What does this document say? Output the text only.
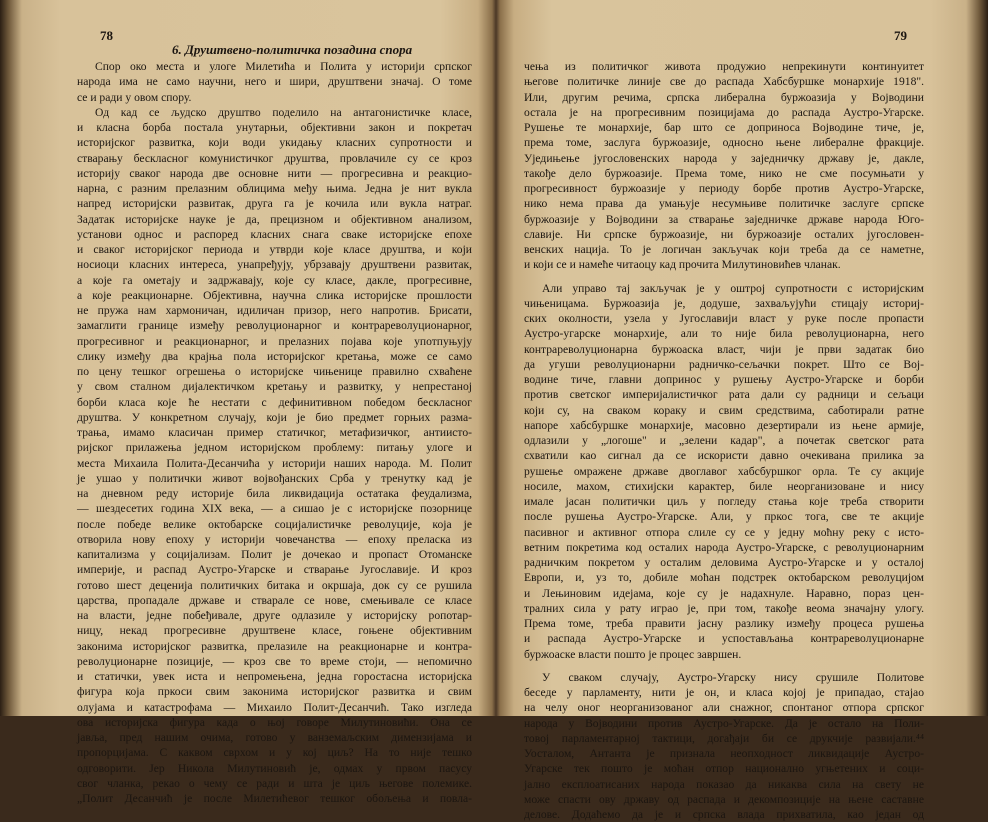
78
6. Друштвено-политичка позадина спора
Спор око места и улоге Милетића и Полита у историји српског
народа има не само научни, него и шири, друштвени значај. О томе
се и ради у овом спору.
Од кад се људско друштво поделило на антагонистичке класе,
и класна борба постала унутарњи, објективни закон и покретач
историјског развитка, који води укидању класних супротности и
стварању бескласног комунистичког друштва, провлачиле су се кроз
историју сваког народа две основне нити — прогресивна и реакцио-
нарна, с разним прелазним облицима међу њима. Једна је нит вукла
напред историјски развитак, друга га је кочила или вукла натраг.
Задатак историјске науке је да, прецизном и објективном анализом,
установи однос и распоред класних снага сваке историјске епохе
и сваког историјског периода и утврди које класе друштва, и који
носиоци класних интереса, унапређују, убрзавају друштвени развитак,
а које га ометају и задржавају, које су класе, дакле, прогресивне,
а које реакционарне. Објективна, научна слика историјске прошлости
не пружа нам хармоничан, идиличан призор, него напротив. Брисати,
замаглити границе између револуционарног и контрареволуционарног,
прогресивног и реакционарног, и прелазних појава које употпуњују
слику између два крајња пола историјског кретања, може се само
по цену тешког огрешења о историјске чињенице правилно схваћене
у свом сталном дијалектичком кретању и развитку, у непрестаној
борби класа које ће нестати с дефинитивном победом бескласног
друштва. У конкретном случају, који је био предмет горњих разма-
трања, имамо класичан пример статичког, метафизичког, антиисто-
ријског прилажења једном историјском проблему: питању улоге и
места Михаила Полита-Десанчића у историји наших народа. М. Полит
је ушао у политички живот војвођанских Срба у тренутку кад је
на дневном реду историје била ликвидација остатака феудализма,
— шездесетих година XIX века, — а сишао је с историјске позорнице
после победе велике октобарске социјалистичке револуције, која је
отворила нову епоху у историји човечанства — епоху преласка из
капитализма у социјализам. Полит је дочекао и пропаст Отоманске
империје, и распад Аустро-Угарске и стварање Југославије. И кроз
готово шест деценија политичких битака и окршаја, док су се рушила
царства, пропадале државе и стварале се нове, смењивале се класе
на власти, једне побеђивале, друге одлазиле у историјску ропотар-
ницу, некад прогресивне друштвене класе, гоњене објективним
законима историјског развитка, прелазиле на реакционарне и контра-
револуционарне позиције, — кроз све то време стоји, — непомично
и статички, увек иста и непромењена, једна горостасна историјска
фигура која пркоси свим законима историјског развитка и свим
олујама и катастрофама — Михаило Полит-Десанчић. Тако изгледа
ова историјска фигура када о њој говоре Милутиновићи. Она се
јавља, пред нашим очима, готово у ванземаљским димензијама и
пропорцијама. С каквом сврхом и у кој циљ? На то није тешко
одговорити. Јер Никола Милутиновић је, одмах у првом пасусу
свог чланка, рекао о чему се ради и шта је циљ његове полемике.
„Полит Десанчић је после Милетићевог тешког обољења и повла-
79
чења из политичког живота продужио непрекинути континуитет
његове политичке линије све до распада Хабсбуршке монархије 1918".
Или, другим речима, српска либерална буржоазија у Војводини
остала је на прогресивним позицијама до распада Аустро-Угарске.
Рушење те монархије, бар што се доприноса Војводине тиче, је,
према томе, заслуга буржоазије, односно њене либералне фракције.
Уједињење југословенских народа у заједничку државу је, дакле,
такође дело буржоазије. Према томе, нико не сме посумњати у
прогресивност буржоазије у периоду борбе против Аустро-Угарске,
нико нема права да умањује несумњиве политичке заслуге српске
буржоазије у Војводини за стварање заједничке државе народа Юго-
славије. Ни српске буржоазије, ни буржоазије осталих југословен-
венских нација. То је логичан закључак који треба да се наметне,
и који се и намеће читаоцу кад прочита Милутиновићев чланак.
Али управо тај закључак је у оштрој супротности с историјским
чињеницама. Буржоазија је, додуше, захваљујући стицају историј-
ских околности, узела у Југославији власт у руке после пропасти
Аустро-угарске монархије, али то није била револуционарна, него
контрареволуционарна буржоаска власт, чији је први задатак био
да угуши револуционарни радничко-сељачки покрет. Што се Вој-
водине тиче, главни допринос у рушењу Аустро-Угарске и борби
против светског империјалистичког рата дали су радници и сељаци
који су, на сваком кораку и свим средствима, саботирали ратне
напоре хабсбуршке монархије, масовно дезертирали из њене армије,
одлазили у „логоше" и „зелени кадар", а почетак светског рата
схватили као сигнал да се искористи давно очекивана прилика за
рушење омражене државе двоглавог хабсбуршког орла. Те су акције
носиле, махом, стихијски карактер, биле неорганизоване и нису
имале јасан политички циљ у погледу стања које треба створити
после рушења Аустро-Угарске. Али, у пркос тога, све те акције
пасивног и активног отпора слиле су се у једну моћну реку с исто-
ветним покретима код осталих народа Аустро-Угарске, с револуционарним
радничким покретом у осталим деловима Аустро-Угарске и у осталој
Европи, и, уз то, добиле моћан подстрек октобарском револуцијом
и Лењиновим идејама, које су је надахнуле. Наравно, пораз цен-
тралних сила у рату играо је, при том, такође веома значајну улогу.
Према томе, треба правити јасну разлику између процеса рушења
и распада Аустро-Угарске и успостављања контрареволуционарне
буржоаске власти пошто је процес завршен.
У сваком случају, Аустро-Угарску нису срушиле Политове
беседе у парламенту, нити је он, и класа којој је припадао, стајао
на челу оног неорганизованог али снажног, спонтаног отпора српског
народа у Војводини против Аустро-Угарске. Да је остало на Поли-
товој парламентарној тактици, догађаји би се друкчије развијали.⁴⁴
Уосталом, Антанта је признала неопходност ликвидације Аустро-
Угарске тек пошто је моћан отпор национално угњетених и соци-
јално експлоатисаних народа показао да никаква сила на свету не
може спасти ову државу од распада и декомпозиције на њене саставне
делове. Додаћемо да је и српска влада прихватила, као један од
